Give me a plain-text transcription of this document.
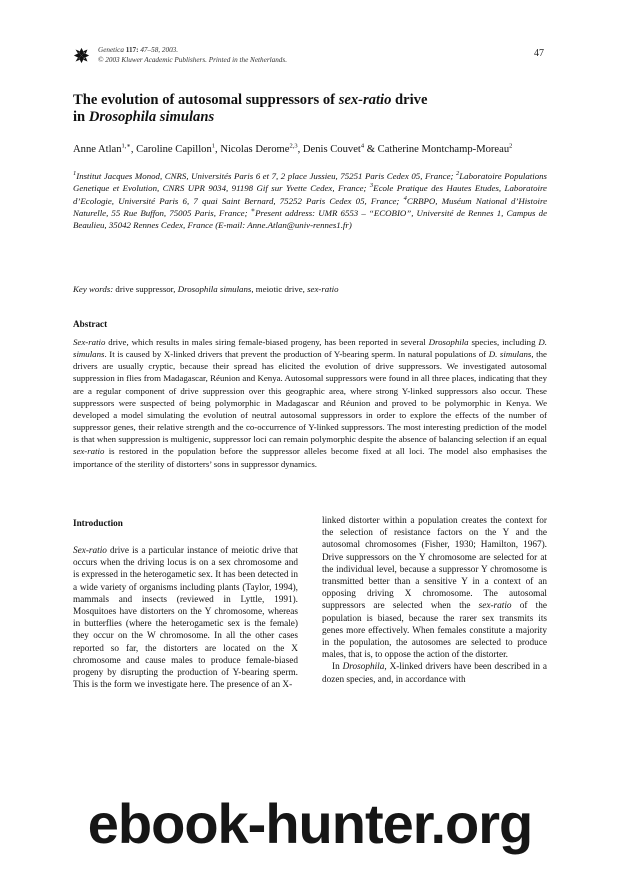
Genetica 117: 47–58, 2003.
© 2003 Kluwer Academic Publishers. Printed in the Netherlands.
47
The evolution of autosomal suppressors of sex-ratio drive
in Drosophila simulans
Anne Atlan$^{1,∗}$, Caroline Capillon$^1$, Nicolas Derome$^{2,3}$, Denis Couvet$^4$ & Catherine Montchamp-Moreau$^2$
$^1$Institut Jacques Monod, CNRS, Universités Paris 6 et 7, 2 place Jussieu, 75251 Paris Cedex 05, France; $^2$Laboratoire Populations Genetique et Evolution, CNRS UPR 9034, 91198 Gif sur Yvette Cedex, France; $^3$Ecole Pratique des Hautes Etudes, Laboratoire d’Ecologie, Université Paris 6, 7 quai Saint Bernard, 75252 Paris Cedex 05, France; $^4$CRBPO, Muséum National d’Histoire Naturelle, 55 Rue Buffon, 75005 Paris, France; ∗Present address: UMR 6553 – “ECOBIO”, Université de Rennes 1, Campus de Beaulieu, 35042 Rennes Cedex, France (E-mail: Anne.Atlan@univ-rennes1.fr)
Key words: drive suppressor, Drosophila simulans, meiotic drive, sex-ratio
Abstract
Sex-ratio drive, which results in males siring female-biased progeny, has been reported in several Drosophila species, including D. simulans. It is caused by X-linked drivers that prevent the production of Y-bearing sperm. In natural populations of D. simulans, the drivers are usually cryptic, because their spread has elicited the evolution of drive suppressors. We investigated autosomal suppression in flies from Madagascar, Réunion and Kenya. Autosomal suppressors were found in all three places, indicating that they are a regular component of drive suppression over this geographic area, where strong Y-linked suppressors also occur. These suppressors were suspected of being polymorphic in Madagascar and Réunion and proved to be polymorphic in Kenya. We developed a model simulating the evolution of neutral autosomal suppressors in order to explore the effects of the number of suppressor genes, their relative strength and the co-occurrence of Y-linked suppressors. The most interesting prediction of the model is that when suppression is multigenic, suppressor loci can remain polymorphic despite the absence of balancing selection if an equal sex-ratio is restored in the population before the suppressor alleles become fixed at all loci. The model also emphasises the importance of the sterility of distorters’ sons in suppressor dynamics.
Introduction

Sex-ratio drive is a particular instance of meiotic drive that occurs when the driving locus is on a sex chromosome and is expressed in the heterogametic sex. It has been detected in a wide variety of organisms including plants (Taylor, 1994), mammals and insects (reviewed in Lyttle, 1991). Mosquitoes have distorters on the Y chromosome, whereas in butterflies (where the heterogametic sex is the female) they occur on the W chromosome. In all the other cases reported so far, the distorters are located on the X chromosome and cause males to produce female-biased progeny by disrupting the production of Y-bearing sperm. This is the form we investigate here. The presence of an X-

linked distorter within a population creates the context for the selection of resistance factors on the Y and the autosomal chromosomes (Fisher, 1930; Hamilton, 1967). Drive suppressors on the Y chromosome are selected for at the individual level, because a suppressor Y chromosome is transmitted better than a sensitive Y in a context of an opposing driving X chromosome. The autosomal suppressors are selected when the sex-ratio of the population is biased, because the rarer sex transmits its genes more effectively. When females constitute a majority in the population, the autosomes are selected to produce males, that is, to oppose the action of the distorter.

In Drosophila, X-linked drivers have been described in a dozen species, and, in accordance with

ebook-hunter.org
